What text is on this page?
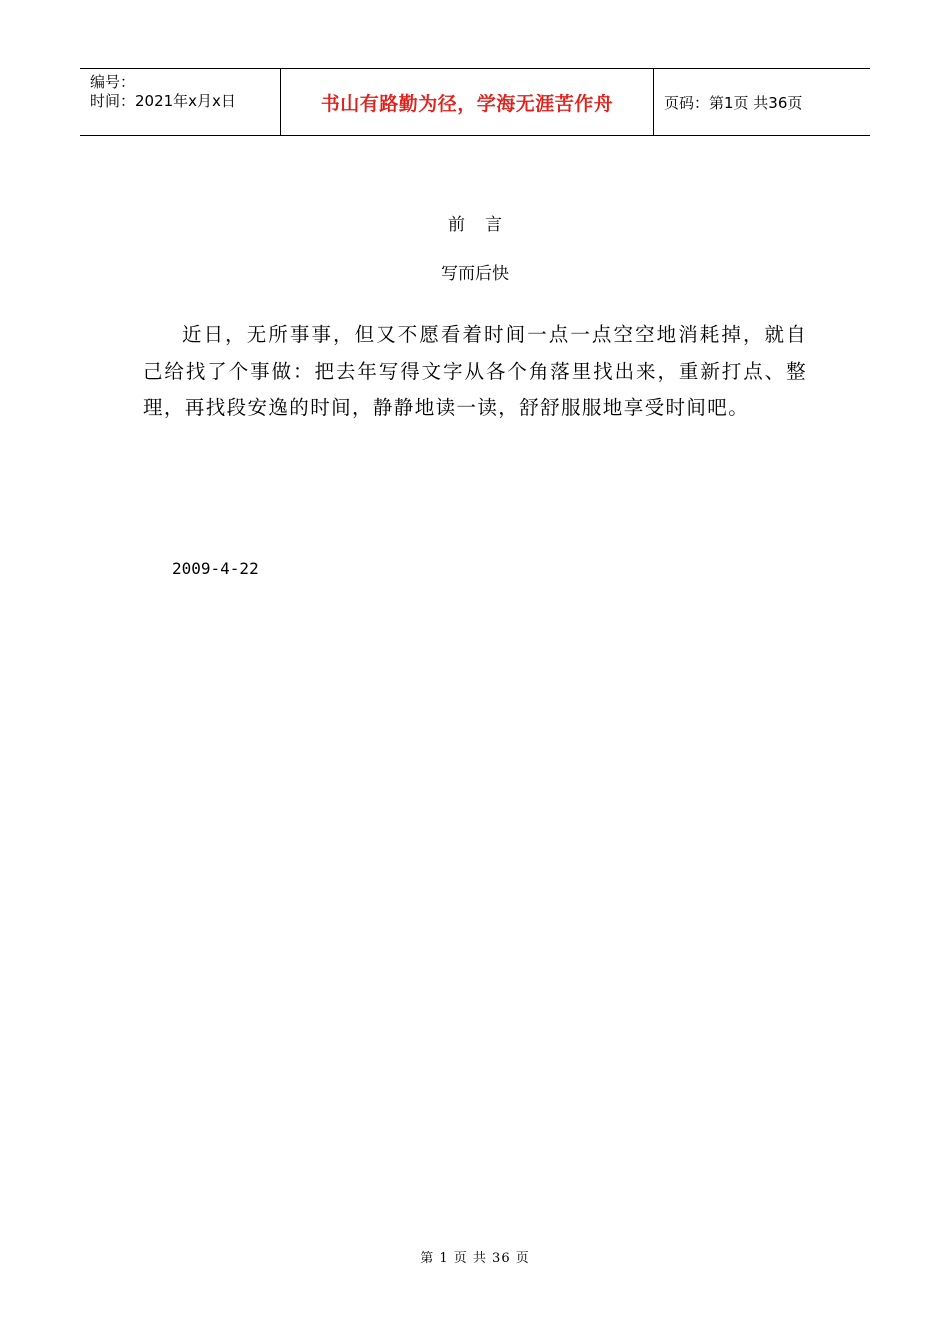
编号：
时间：2021年x月x日	书山有路勤为径，学海无涯苦作舟	页码：第1页 共36页
前言
写而后快

近日，无所事事，但又不愿看着时间一点一点空空地消耗掉，就自己给找了个事做：把去年写得文字从各个角落里找出来，重新打点、整理，再找段安逸的时间，静静地读一读，舒舒服服地享受时间吧。

2009-4-22
第 1 页 共 36 页
